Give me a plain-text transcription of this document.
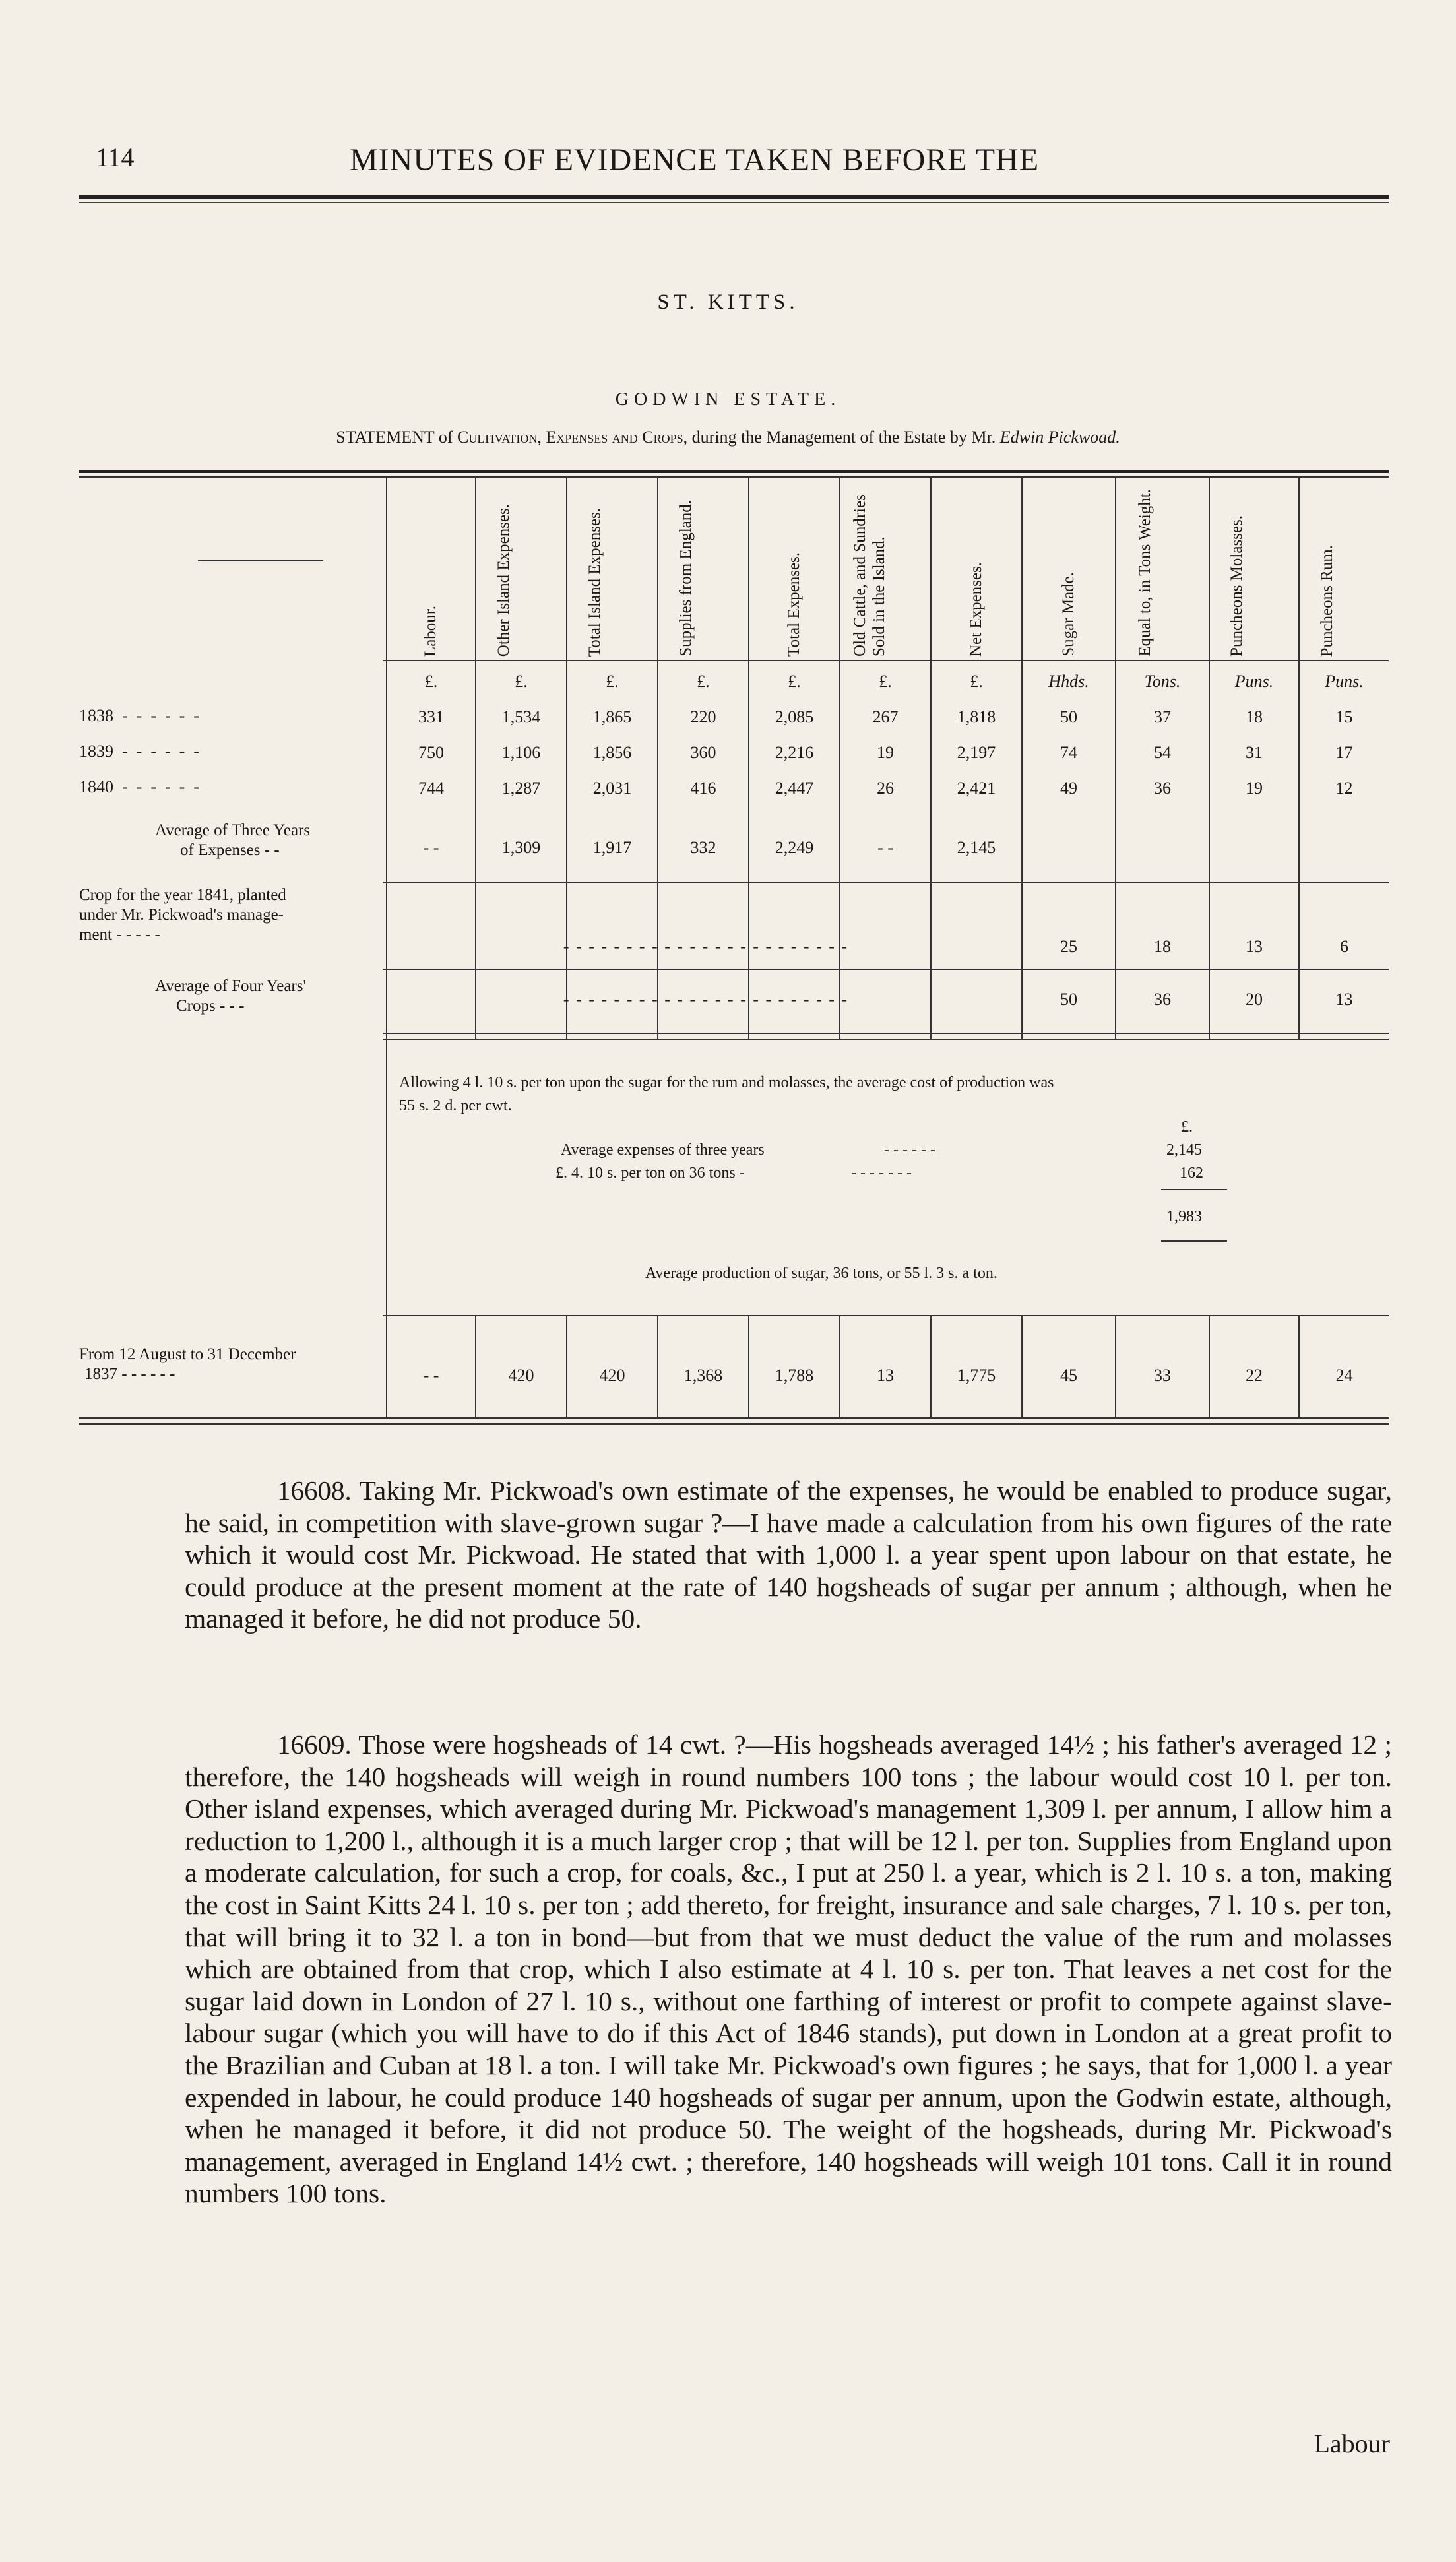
114	MINUTES OF EVIDENCE TAKEN BEFORE THE
ST. KITTS.
GODWIN ESTATE.
STATEMENT of Cultivation, Expenses and Crops, during the Management of the Estate by Mr. Edwin Pickwoad.
Labour.	Other Island Expenses.	Total Island Expenses.	Supplies from England.	Total Expenses.	Old Cattle, and Sundries Sold in the Island.	Net Expenses.	Sugar Made.	Equal to, in Tons Weight.	Puncheons Molasses.	Puncheons Rum.
£.	£.	£.	£.	£.	£.	£.	Hhds.	Tons.	Puns.	Puns.
1838  -  -  -  -  -  -	331	1,534	1,865	220	2,085	267	1,818	50	37	18	15
1839  -  -  -  -  -  -	750	1,106	1,856	360	2,216	19	2,197	74	54	31	17
1840  -  -  -  -  -  -	744	1,287	2,031	416	2,447	26	2,421	49	36	19	12
Average of Three Years
of Expenses - -	- -	1,309	1,917	332	2,249	- -	2,145
Crop for the year 1841, planted
under Mr. Pickwoad's manage-
ment - - - - -
- - - - - - - - - - - - - - - - - - - - - - -	25	18	13	6
Average of Four Years'
Crops - - -	- - - - - - - - - - - - - - - - - - - - - - -	50	36	20	13
Allowing 4 l. 10 s. per ton upon the sugar for the rum and molasses, the average cost of production was
55 s. 2 d. per cwt.
£.
Average expenses of three years	- - - - - -	2,145
£. 4. 10 s. per ton on 36 tons -	- - - - - - -	162
1,983
Average production of sugar, 36 tons, or 55 l. 3 s. a ton.
From 12 August to 31 December
1837 - - - - - -	- -	420	420	1,368	1,788	13	1,775	45	33	22	24
16608. Taking Mr. Pickwoad's own estimate of the expenses, he would be enabled to produce sugar, he said, in competition with slave-grown sugar ?—I have made a calculation from his own figures of the rate which it would cost Mr. Pickwoad. He stated that with 1,000 l. a year spent upon labour on that estate, he could produce at the present moment at the rate of 140 hogsheads of sugar per annum ; although, when he managed it before, he did not produce 50.
16609. Those were hogsheads of 14 cwt. ?—His hogsheads averaged 14½ ; his father's averaged 12 ; therefore, the 140 hogsheads will weigh in round numbers 100 tons ; the labour would cost 10 l. per ton. Other island expenses, which averaged during Mr. Pickwoad's management 1,309 l. per annum, I allow him a reduction to 1,200 l., although it is a much larger crop ; that will be 12 l. per ton. Supplies from England upon a moderate calculation, for such a crop, for coals, &c., I put at 250 l. a year, which is 2 l. 10 s. a ton, making the cost in Saint Kitts 24 l. 10 s. per ton ; add thereto, for freight, insurance and sale charges, 7 l. 10 s. per ton, that will bring it to 32 l. a ton in bond—but from that we must deduct the value of the rum and molasses which are obtained from that crop, which I also estimate at 4 l. 10 s. per ton. That leaves a net cost for the sugar laid down in London of 27 l. 10 s., without one farthing of interest or profit to compete against slave-labour sugar (which you will have to do if this Act of 1846 stands), put down in London at a great profit to the Brazilian and Cuban at 18 l. a ton. I will take Mr. Pickwoad's own figures ; he says, that for 1,000 l. a year expended in labour, he could produce 140 hogsheads of sugar per annum, upon the Godwin estate, although, when he managed it before, it did not produce 50. The weight of the hogsheads, during Mr. Pickwoad's management, averaged in England 14½ cwt. ; therefore, 140 hogsheads will weigh 101 tons. Call it in round numbers 100 tons.
Labour
